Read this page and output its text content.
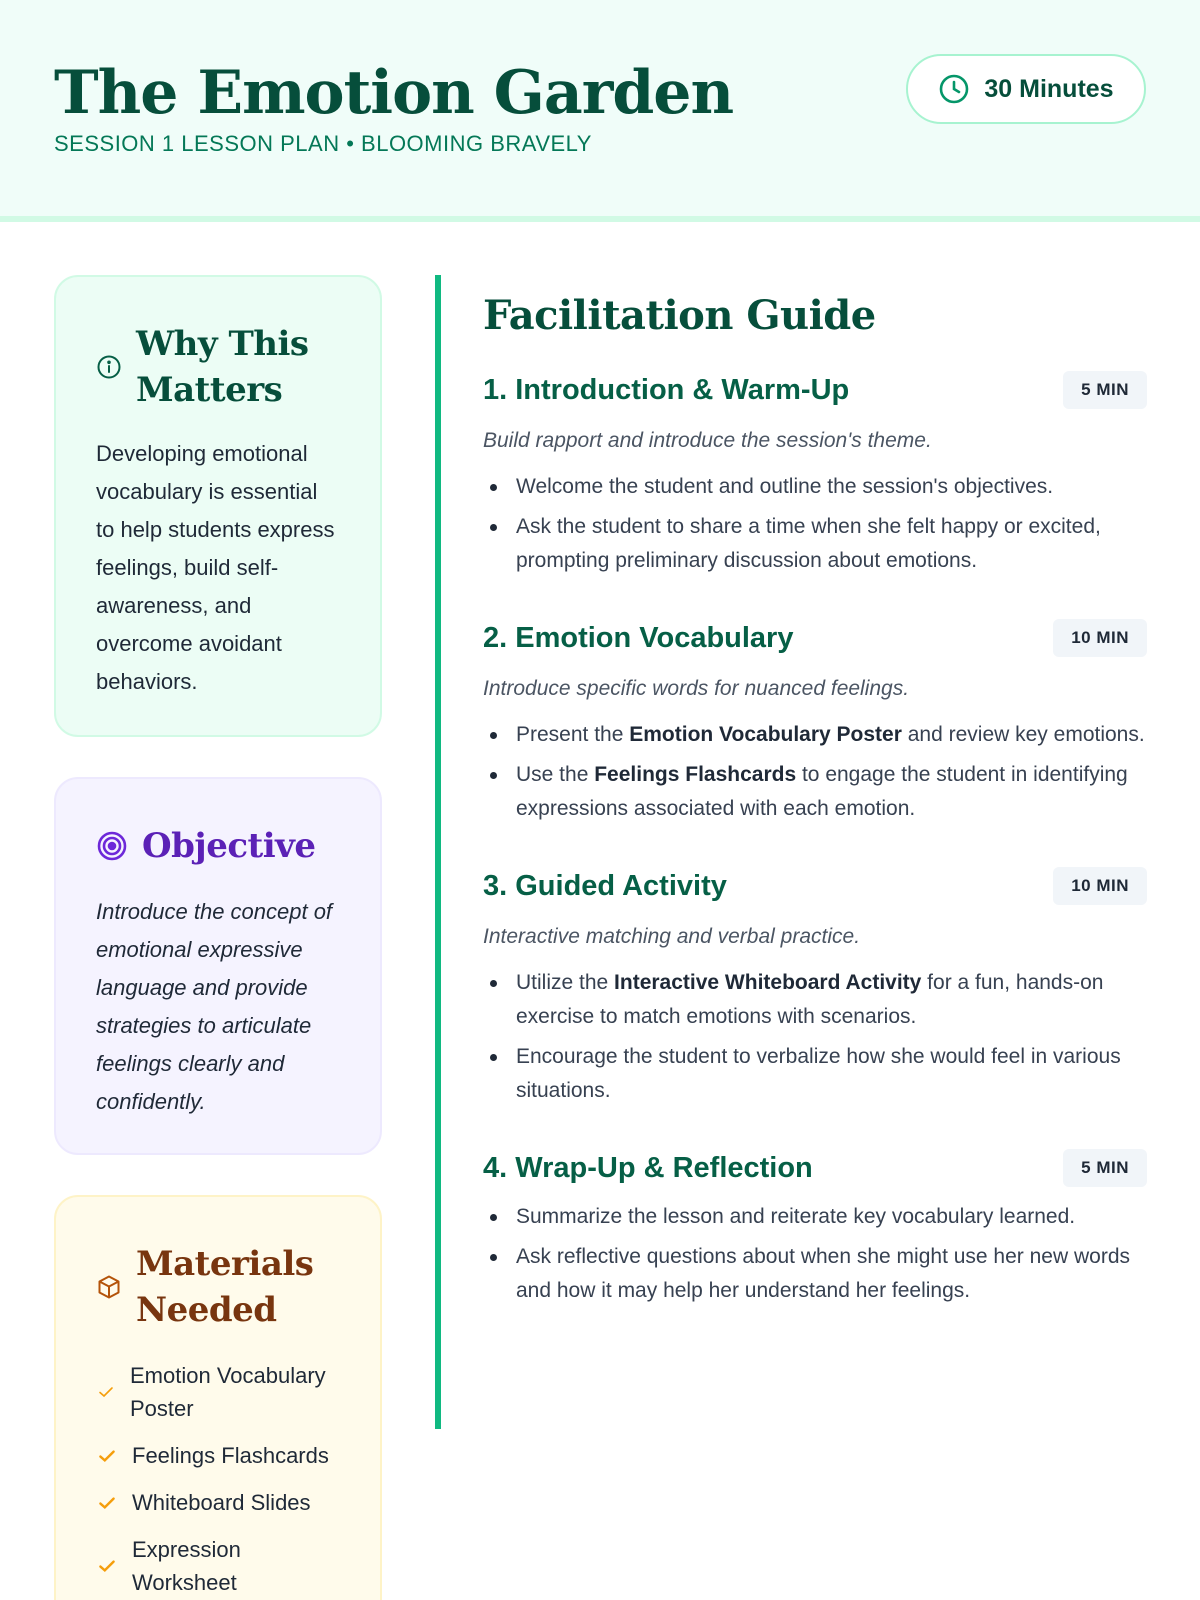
The Emotion Garden
SESSION 1 LESSON PLAN • BLOOMING BRAVELY
30 Minutes
Why This Matters

Developing emotional vocabulary is essential to help students express feelings, build self-awareness, and overcome avoidant behaviors.

Objective

Introduce the concept of emotional expressive language and provide strategies to articulate feelings clearly and confidently.

Materials Needed
Emotion Vocabulary Poster
Feelings Flashcards
Whiteboard Slides
Expression Worksheet
Facilitation Guide
1. Introduction & Warm-Up	5 MIN

Build rapport and introduce the session's theme.

Welcome the student and outline the session's objectives.
Ask the student to share a time when she felt happy or excited, prompting preliminary discussion about emotions.
2. Emotion Vocabulary	10 MIN

Introduce specific words for nuanced feelings.

Present the Emotion Vocabulary Poster and review key emotions.
Use the Feelings Flashcards to engage the student in identifying expressions associated with each emotion.
3. Guided Activity	10 MIN

Interactive matching and verbal practice.

Utilize the Interactive Whiteboard Activity for a fun, hands-on exercise to match emotions with scenarios.
Encourage the student to verbalize how she would feel in various situations.
4. Wrap-Up & Reflection	5 MIN
Summarize the lesson and reiterate key vocabulary learned.
Ask reflective questions about when she might use her new words and how it may help her understand her feelings.
